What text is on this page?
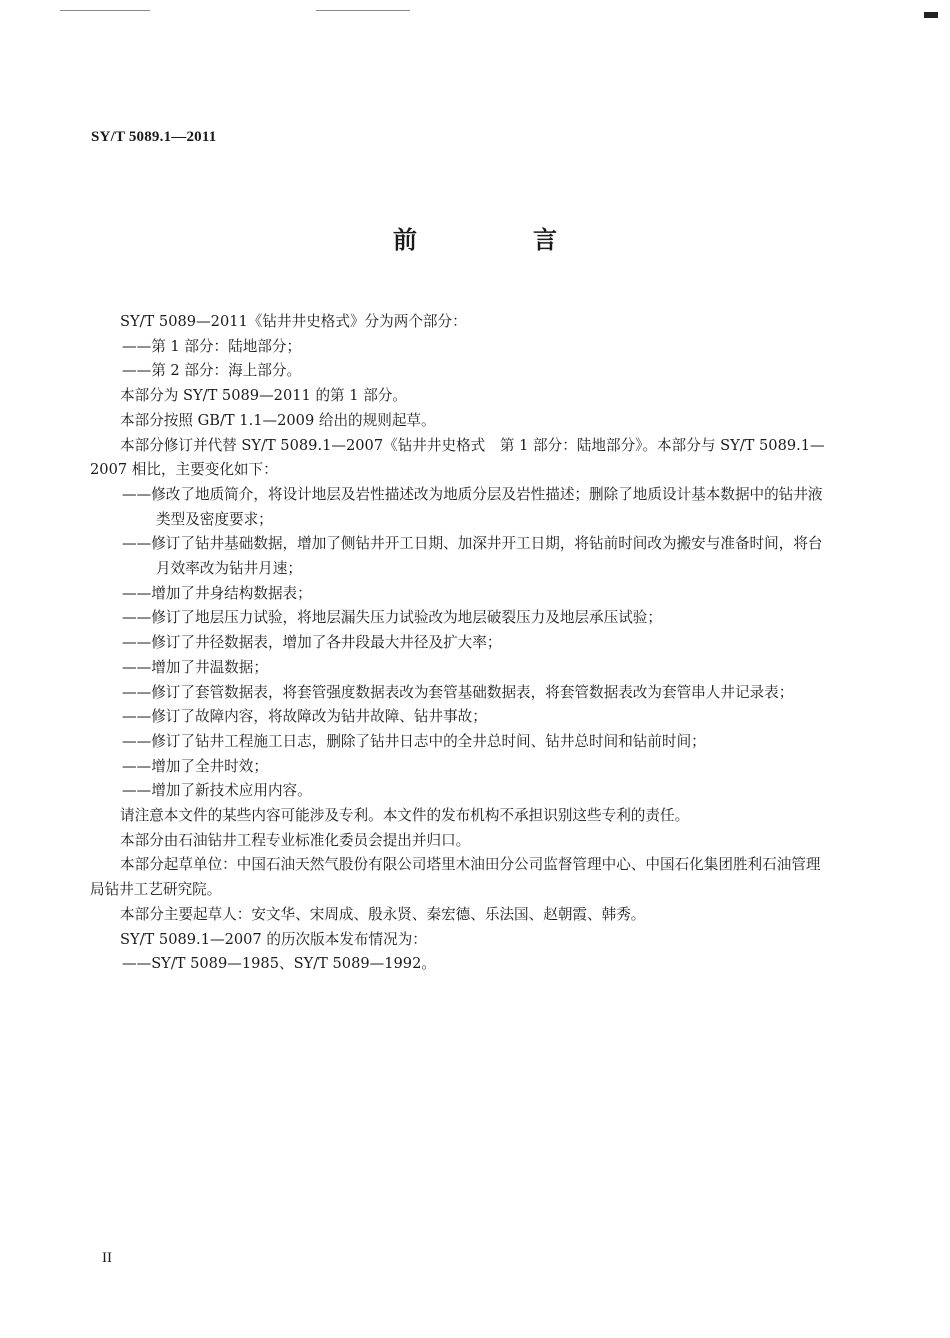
SY/T 5089.1—2011
前　言

SY/T 5089—2011《钻井井史格式》分为两个部分：

——第 1 部分：陆地部分；

——第 2 部分：海上部分。

本部分为 SY/T 5089—2011 的第 1 部分。

本部分按照 GB/T 1.1—2009 给出的规则起草。

本部分修订并代替 SY/T 5089.1—2007《钻井井史格式　第 1 部分：陆地部分》。本部分与 SY/T 5089.1—2007 相比，主要变化如下：

——修改了地质简介，将设计地层及岩性描述改为地质分层及岩性描述；删除了地质设计基本数据中的钻井液类型及密度要求；

——修订了钻井基础数据，增加了侧钻井开工日期、加深井开工日期，将钻前时间改为搬安与准备时间，将台月效率改为钻井月速；

——增加了井身结构数据表；

——修订了地层压力试验，将地层漏失压力试验改为地层破裂压力及地层承压试验；

——修订了井径数据表，增加了各井段最大井径及扩大率；

——增加了井温数据；

——修订了套管数据表，将套管强度数据表改为套管基础数据表，将套管数据表改为套管串人井记录表；

——修订了故障内容，将故障改为钻井故障、钻井事故；

——修订了钻井工程施工日志，删除了钻井日志中的全井总时间、钻井总时间和钻前时间；

——增加了全井时效；

——增加了新技术应用内容。

请注意本文件的某些内容可能涉及专利。本文件的发布机构不承担识别这些专利的责任。

本部分由石油钻井工程专业标准化委员会提出并归口。

本部分起草单位：中国石油天然气股份有限公司塔里木油田分公司监督管理中心、中国石化集团胜利石油管理局钻井工艺研究院。

本部分主要起草人：安文华、宋周成、殷永贤、秦宏德、乐法国、赵朝霞、韩秀。

SY/T 5089.1—2007 的历次版本发布情况为：

——SY/T 5089—1985、SY/T 5089—1992。

II
